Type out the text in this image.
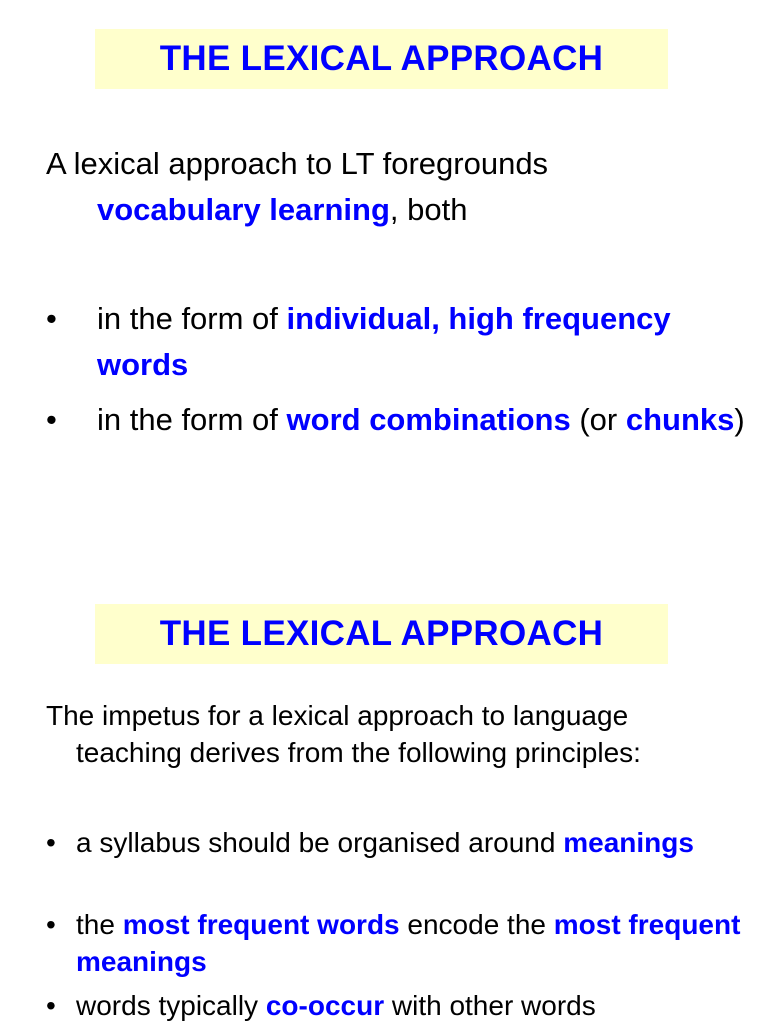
THE LEXICAL APPROACH
A lexical approach to LT foregrounds
vocabulary learning, both
•	in the form of individual, high frequency words
•	in the form of word combinations (or chunks)
THE LEXICAL APPROACH
The impetus for a lexical approach to language
teaching derives from the following principles:
• a syllabus should be organised around meanings
• the most frequent words encode the most frequent meanings
• words typically co-occur with other words
